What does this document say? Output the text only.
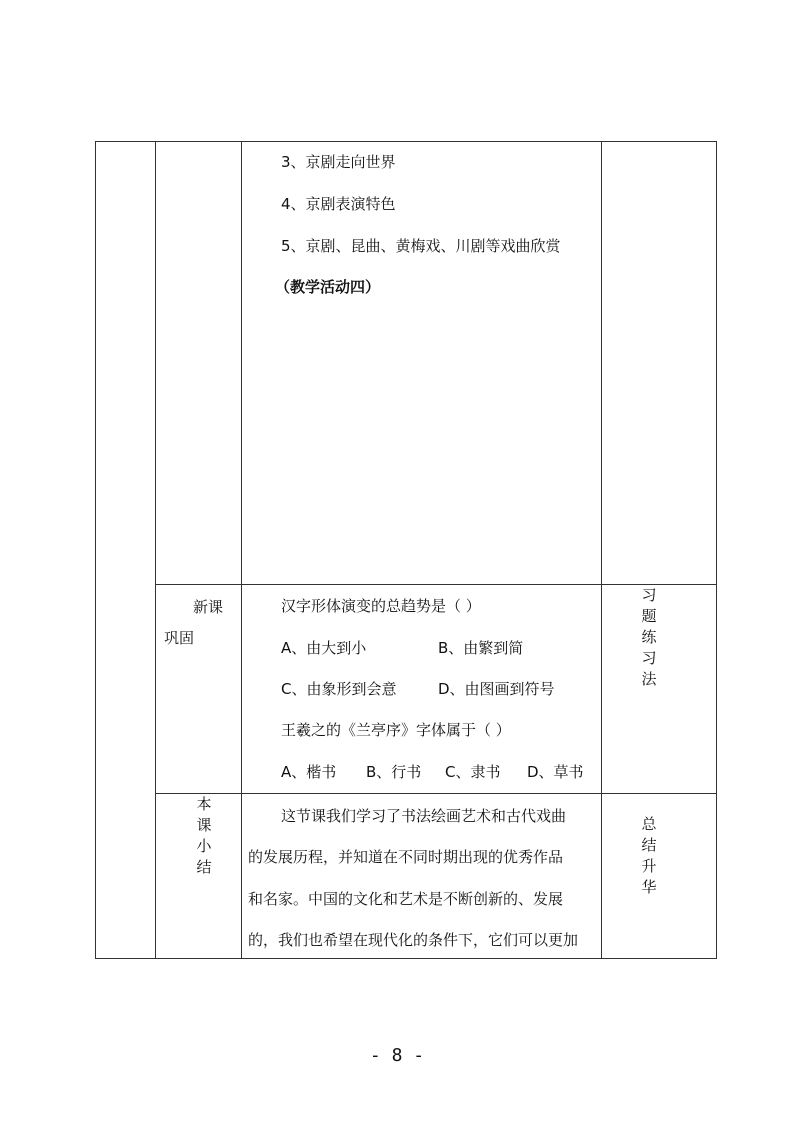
3、京剧走向世界
4、京剧表演特色
5、京剧、昆曲、黄梅戏、川剧等戏曲欣赏
（教学活动四）
新课
巩固
汉字形体演变的总趋势是（ ）
A、由大到小	B、由繁到简
C、由象形到会意	D、由图画到符号
王羲之的《兰亭序》字体属于（ ）
A、楷书 B、行书 C、隶书 D、草书
习题练习法
本课小结
这节课我们学习了书法绘画艺术和古代戏曲
的发展历程，并知道在不同时期出现的优秀作品
和名家。中国的文化和艺术是不断创新的、发展
的，我们也希望在现代化的条件下，它们可以更加
总结升华
- 8 -
